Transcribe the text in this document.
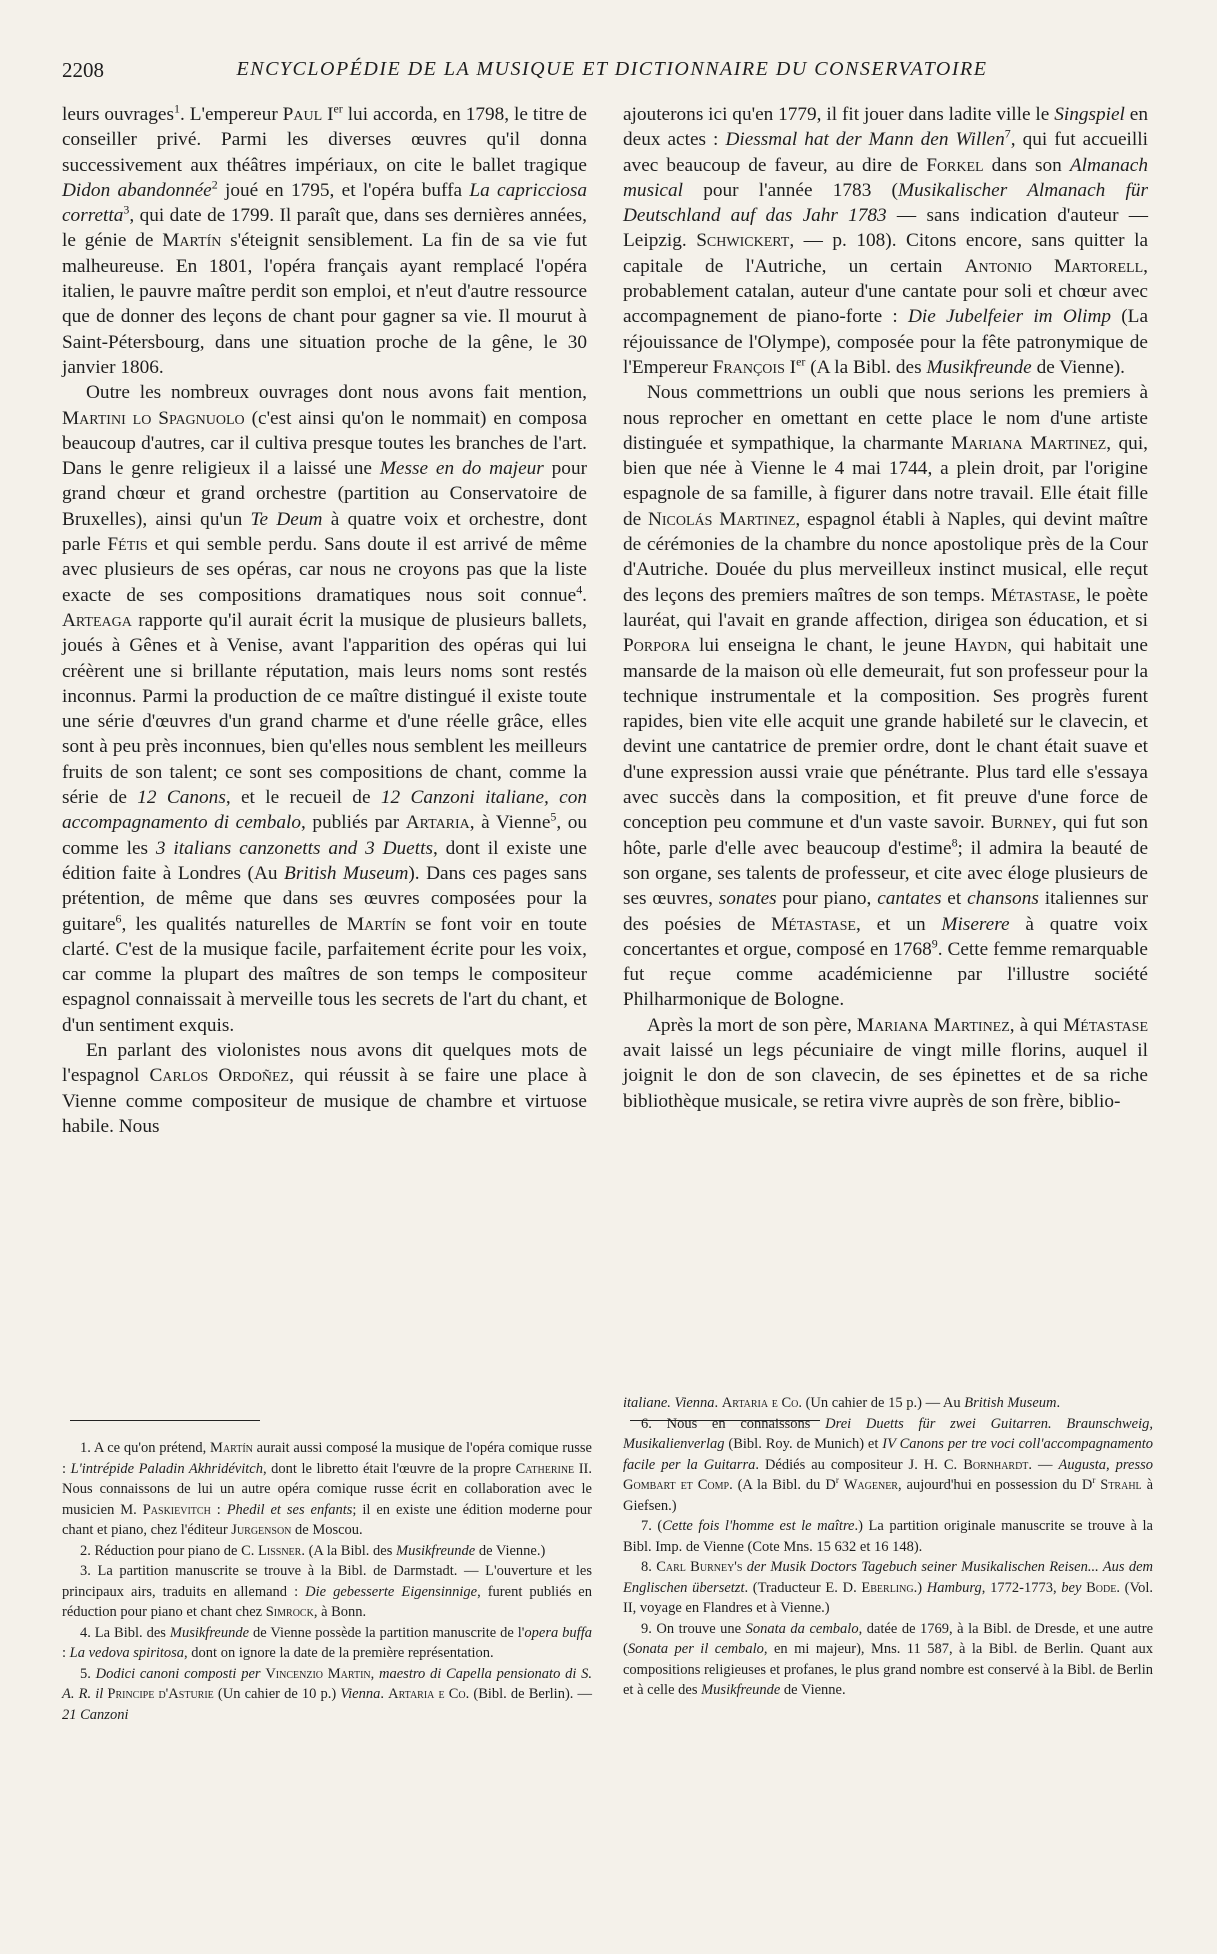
2208	ENCYCLOPÉDIE DE LA MUSIQUE ET DICTIONNAIRE DU CONSERVATOIRE

leurs ouvrages$^1$. L'empereur Paul Ier lui accorda, en 1798, le titre de conseiller privé. Parmi les diverses œuvres qu'il donna successivement aux théâtres impériaux, on cite le ballet tragique Didon abandonnée$^2$ joué en 1795, et l'opéra buffa La capricciosa corretta$^3$, qui date de 1799. Il paraît que, dans ses dernières années, le génie de Martín s'éteignit sensiblement. La fin de sa vie fut malheureuse. En 1801, l'opéra français ayant remplacé l'opéra italien, le pauvre maître perdit son emploi, et n'eut d'autre ressource que de donner des leçons de chant pour gagner sa vie. Il mourut à Saint-Pétersbourg, dans une situation proche de la gêne, le 30 janvier 1806.

Outre les nombreux ouvrages dont nous avons fait mention, Martini lo Spagnuolo (c'est ainsi qu'on le nommait) en composa beaucoup d'autres, car il cultiva presque toutes les branches de l'art. Dans le genre religieux il a laissé une Messe en do majeur pour grand chœur et grand orchestre (partition au Conservatoire de Bruxelles), ainsi qu'un Te Deum à quatre voix et orchestre, dont parle Fétis et qui semble perdu. Sans doute il est arrivé de même avec plusieurs de ses opéras, car nous ne croyons pas que la liste exacte de ses compositions dramatiques nous soit connue$^4$. Arteaga rapporte qu'il aurait écrit la musique de plusieurs ballets, joués à Gênes et à Venise, avant l'apparition des opéras qui lui créèrent une si brillante réputation, mais leurs noms sont restés inconnus. Parmi la production de ce maître distingué il existe toute une série d'œuvres d'un grand charme et d'une réelle grâce, elles sont à peu près inconnues, bien qu'elles nous semblent les meilleurs fruits de son talent; ce sont ses compositions de chant, comme la série de 12 Canons, et le recueil de 12 Canzoni italiane, con accompagnamento di cembalo, publiés par Artaria, à Vienne$^5$, ou comme les 3 italians canzonetts and 3 Duetts, dont il existe une édition faite à Londres (Au British Museum). Dans ces pages sans prétention, de même que dans ses œuvres composées pour la guitare$^6$, les qualités naturelles de Martín se font voir en toute clarté. C'est de la musique facile, parfaitement écrite pour les voix, car comme la plupart des maîtres de son temps le compositeur espagnol connaissait à merveille tous les secrets de l'art du chant, et d'un sentiment exquis.

En parlant des violonistes nous avons dit quelques mots de l'espagnol Carlos Ordoñez, qui réussit à se faire une place à Vienne comme compositeur de musique de chambre et virtuose habile. Nous

ajouterons ici qu'en 1779, il fit jouer dans ladite ville le Singspiel en deux actes : Diessmal hat der Mann den Willen$^7$, qui fut accueilli avec beaucoup de faveur, au dire de Forkel dans son Almanach musical pour l'année 1783 (Musikalischer Almanach für Deutschland auf das Jahr 1783 — sans indication d'auteur — Leipzig. Schwickert, — p. 108). Citons encore, sans quitter la capitale de l'Autriche, un certain Antonio Martorell, probablement catalan, auteur d'une cantate pour soli et chœur avec accompagnement de piano-forte : Die Jubelfeier im Olimp (La réjouissance de l'Olympe), composée pour la fête patronymique de l'Empereur François Ier (A la Bibl. des Musikfreunde de Vienne).

Nous commettrions un oubli que nous serions les premiers à nous reprocher en omettant en cette place le nom d'une artiste distinguée et sympathique, la charmante Mariana Martinez, qui, bien que née à Vienne le 4 mai 1744, a plein droit, par l'origine espagnole de sa famille, à figurer dans notre travail. Elle était fille de Nicolás Martinez, espagnol établi à Naples, qui devint maître de cérémonies de la chambre du nonce apostolique près de la Cour d'Autriche. Douée du plus merveilleux instinct musical, elle reçut des leçons des premiers maîtres de son temps. Métastase, le poète lauréat, qui l'avait en grande affection, dirigea son éducation, et si Porpora lui enseigna le chant, le jeune Haydn, qui habitait une mansarde de la maison où elle demeurait, fut son professeur pour la technique instrumentale et la composition. Ses progrès furent rapides, bien vite elle acquit une grande habileté sur le clavecin, et devint une cantatrice de premier ordre, dont le chant était suave et d'une expression aussi vraie que pénétrante. Plus tard elle s'essaya avec succès dans la composition, et fit preuve d'une force de conception peu commune et d'un vaste savoir. Burney, qui fut son hôte, parle d'elle avec beaucoup d'estime$^8$; il admira la beauté de son organe, ses talents de professeur, et cite avec éloge plusieurs de ses œuvres, sonates pour piano, cantates et chansons italiennes sur des poésies de Métastase, et un Miserere à quatre voix concertantes et orgue, composé en 1768$^9$. Cette femme remarquable fut reçue comme académicienne par l'illustre société Philharmonique de Bologne.

Après la mort de son père, Mariana Martinez, à qui Métastase avait laissé un legs pécuniaire de vingt mille florins, auquel il joignit le don de son clavecin, de ses épinettes et de sa riche bibliothèque musicale, se retira vivre auprès de son frère, biblio-

1. A ce qu'on prétend, Martín aurait aussi composé la musique de l'opéra comique russe : L'intrépide Paladin Akhridévitch, dont le libretto était l'œuvre de la propre Catherine II. Nous connaissons de lui un autre opéra comique russe écrit en collaboration avec le musicien M. Paskievitch : Phedil et ses enfants; il en existe une édition moderne pour chant et piano, chez l'éditeur Jurgenson de Moscou.

2. Réduction pour piano de C. Lissner. (A la Bibl. des Musikfreunde de Vienne.)

3. La partition manuscrite se trouve à la Bibl. de Darmstadt. — L'ouverture et les principaux airs, traduits en allemand : Die gebesserte Eigensinnige, furent publiés en réduction pour piano et chant chez Simrock, à Bonn.

4. La Bibl. des Musikfreunde de Vienne possède la partition manuscrite de l'opera buffa : La vedova spiritosa, dont on ignore la date de la première représentation.

5. Dodici canoni composti per Vincenzio Martin, maestro di Capella pensionato di S. A. R. il Principe d'Asturie (Un cahier de 10 p.) Vienna. Artaria e Co. (Bibl. de Berlin). — 21 Canzoni

italiane. Vienna. Artaria e Co. (Un cahier de 15 p.) — Au British Museum.

6. Nous en connaissons Drei Duetts für zwei Guitarren. Braunschweig, Musikalienverlag (Bibl. Roy. de Munich) et IV Canons per tre voci coll'accompagnamento facile per la Guitarra. Dédiés au compositeur J. H. C. Bornhardt. — Augusta, presso Gombart et Comp. (A la Bibl. du $D^r$ Wagener, aujourd'hui en possession du $D^r$ Strahl à Giefsen.)

7. (Cette fois l'homme est le maître.) La partition originale manuscrite se trouve à la Bibl. Imp. de Vienne (Cote Mns. 15 632 et 16 148).

8. Carl Burney's der Musik Doctors Tagebuch seiner Musikalischen Reisen... Aus dem Englischen übersetzt. (Traducteur E. D. Eberling.) Hamburg, 1772-1773, bey Bode. (Vol. II, voyage en Flandres et à Vienne.)

9. On trouve une Sonata da cembalo, datée de 1769, à la Bibl. de Dresde, et une autre (Sonata per il cembalo, en mi majeur), Mns. 11 587, à la Bibl. de Berlin. Quant aux compositions religieuses et profanes, le plus grand nombre est conservé à la Bibl. de Berlin et à celle des Musikfreunde de Vienne.
